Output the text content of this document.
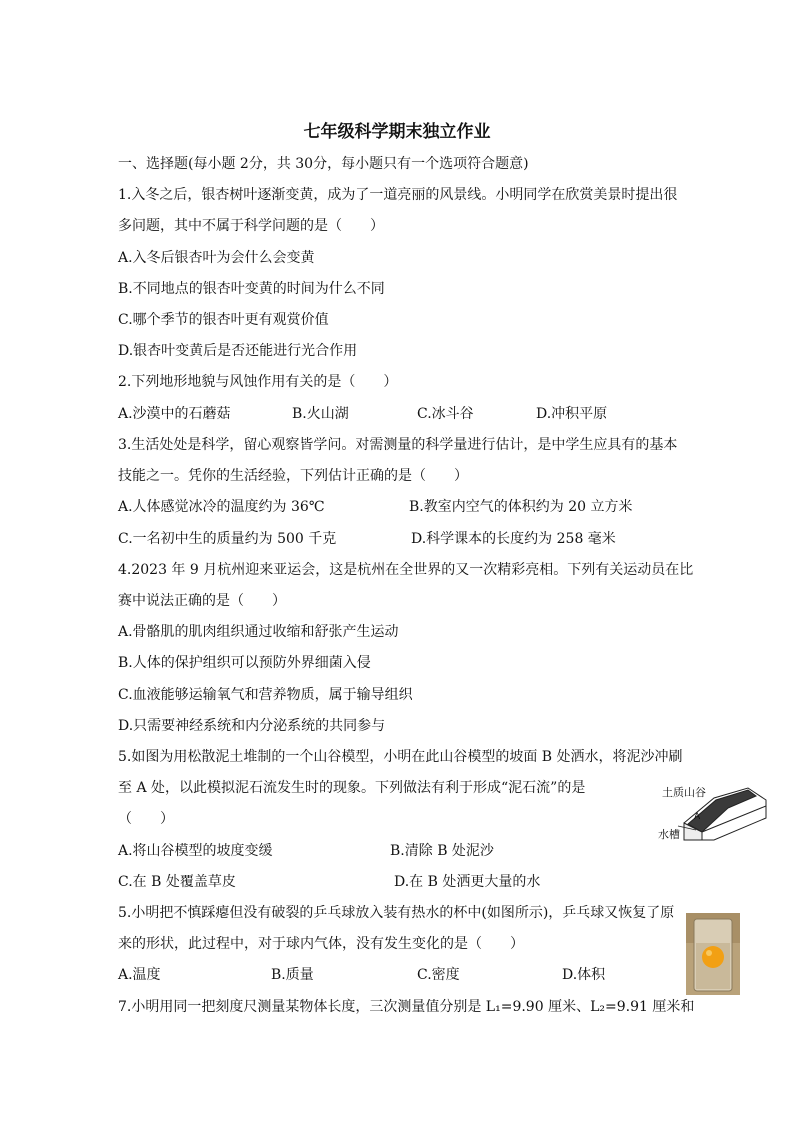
七年级科学期末独立作业
一、选择题(每小题 2分，共 30分，每小题只有一个选项符合题意)
1.入冬之后，银杏树叶逐渐变黄，成为了一道亮丽的风景线。小明同学在欣赏美景时提出很
多问题，其中不属于科学问题的是（　　）
A.入冬后银杏叶为会什么会变黄
B.不同地点的银杏叶变黄的时间为什么不同
C.哪个季节的银杏叶更有观赏价值
D.银杏叶变黄后是否还能进行光合作用
2.下列地形地貌与风蚀作用有关的是（　　）
A.沙漠中的石蘑菇	B.火山湖	C.冰斗谷	D.冲积平原
3.生活处处是科学，留心观察皆学问。对需测量的科学量进行估计，是中学生应具有的基本
技能之一。凭你的生活经验，下列估计正确的是（　　）
A.人体感觉冰冷的温度约为 36℃	B.教室内空气的体积约为 20 立方米
C.一名初中生的质量约为 500 千克	D.科学课本的长度约为 258 毫米
4.2023 年 9 月杭州迎来亚运会，这是杭州在全世界的又一次精彩亮相。下列有关运动员在比
赛中说法正确的是（　　）
A.骨骼肌的肌肉组织通过收缩和舒张产生运动
B.人体的保护组织可以预防外界细菌入侵
C.血液能够运输氧气和营养物质，属于输导组织
D.只需要神经系统和内分泌系统的共同参与
5.如图为用松散泥土堆制的一个山谷模型，小明在此山谷模型的坡面 B 处洒水，将泥沙冲刷
至 A 处，以此模拟泥石流发生时的现象。下列做法有利于形成“泥石流”的是
（　　）
A.将山谷模型的坡度变缓	B.清除 B 处泥沙
C.在 B 处覆盖草皮	D.在 B 处洒更大量的水
土质山谷
水槽
A
5.小明把不慎踩瘪但没有破裂的乒乓球放入装有热水的杯中(如图所示)，乒乓球又恢复了原
来的形状，此过程中，对于球内气体，没有发生变化的是（　　）
A.温度	B.质量	C.密度	D.体积
7.小明用同一把刻度尺测量某物体长度，三次测量值分别是 L₁=9.90 厘米、L₂=9.91 厘米和
